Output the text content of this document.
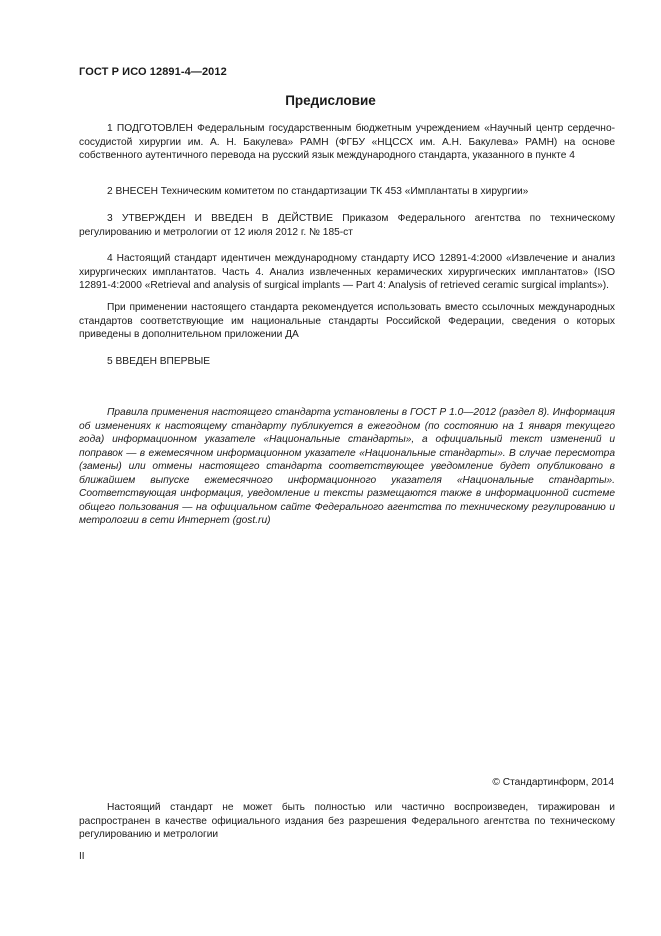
ГОСТ Р ИСО 12891-4—2012
Предисловие
1 ПОДГОТОВЛЕН Федеральным государственным бюджетным учреждением «Научный центр сердечно-сосудистой хирургии им. А. Н. Бакулева» РАМН (ФГБУ «НЦССХ им. А.Н. Бакулева» РАМН) на основе собственного аутентичного перевода на русский язык международного стандарта, указанного в пункте 4
2 ВНЕСЕН Техническим комитетом по стандартизации ТК 453 «Имплантаты в хирургии»
3 УТВЕРЖДЕН И ВВЕДЕН В ДЕЙСТВИЕ Приказом Федерального агентства по техническому регулированию и метрологии от 12 июля 2012 г. № 185-ст
4 Настоящий стандарт идентичен международному стандарту ИСО 12891-4:2000 «Извлечение и анализ хирургических имплантатов. Часть 4. Анализ извлеченных керамических хирургических имплантатов» (ISO 12891-4:2000 «Retrieval and analysis of surgical implants — Part 4: Analysis of retrieved ceramic surgical implants»).
При применении настоящего стандарта рекомендуется использовать вместо ссылочных международных стандартов соответствующие им национальные стандарты Российской Федерации, сведения о которых приведены в дополнительном приложении ДА
5 ВВЕДЕН ВПЕРВЫЕ
Правила применения настоящего стандарта установлены в ГОСТ Р 1.0—2012 (раздел 8). Информация об изменениях к настоящему стандарту публикуется в ежегодном (по состоянию на 1 января текущего года) информационном указателе «Национальные стандарты», а официальный текст изменений и поправок — в ежемесячном информационном указателе «Национальные стандарты». В случае пересмотра (замены) или отмены настоящего стандарта соответствующее уведомление будет опубликовано в ближайшем выпуске ежемесячного информационного указателя «Национальные стандарты». Соответствующая информация, уведомление и тексты размещаются также в информационной системе общего пользования — на официальном сайте Федерального агентства по техническому регулированию и метрологии в сети Интернет (gost.ru)
© Стандартинформ, 2014
Настоящий стандарт не может быть полностью или частично воспроизведен, тиражирован и распространен в качестве официального издания без разрешения Федерального агентства по техническому регулированию и метрологии
II
